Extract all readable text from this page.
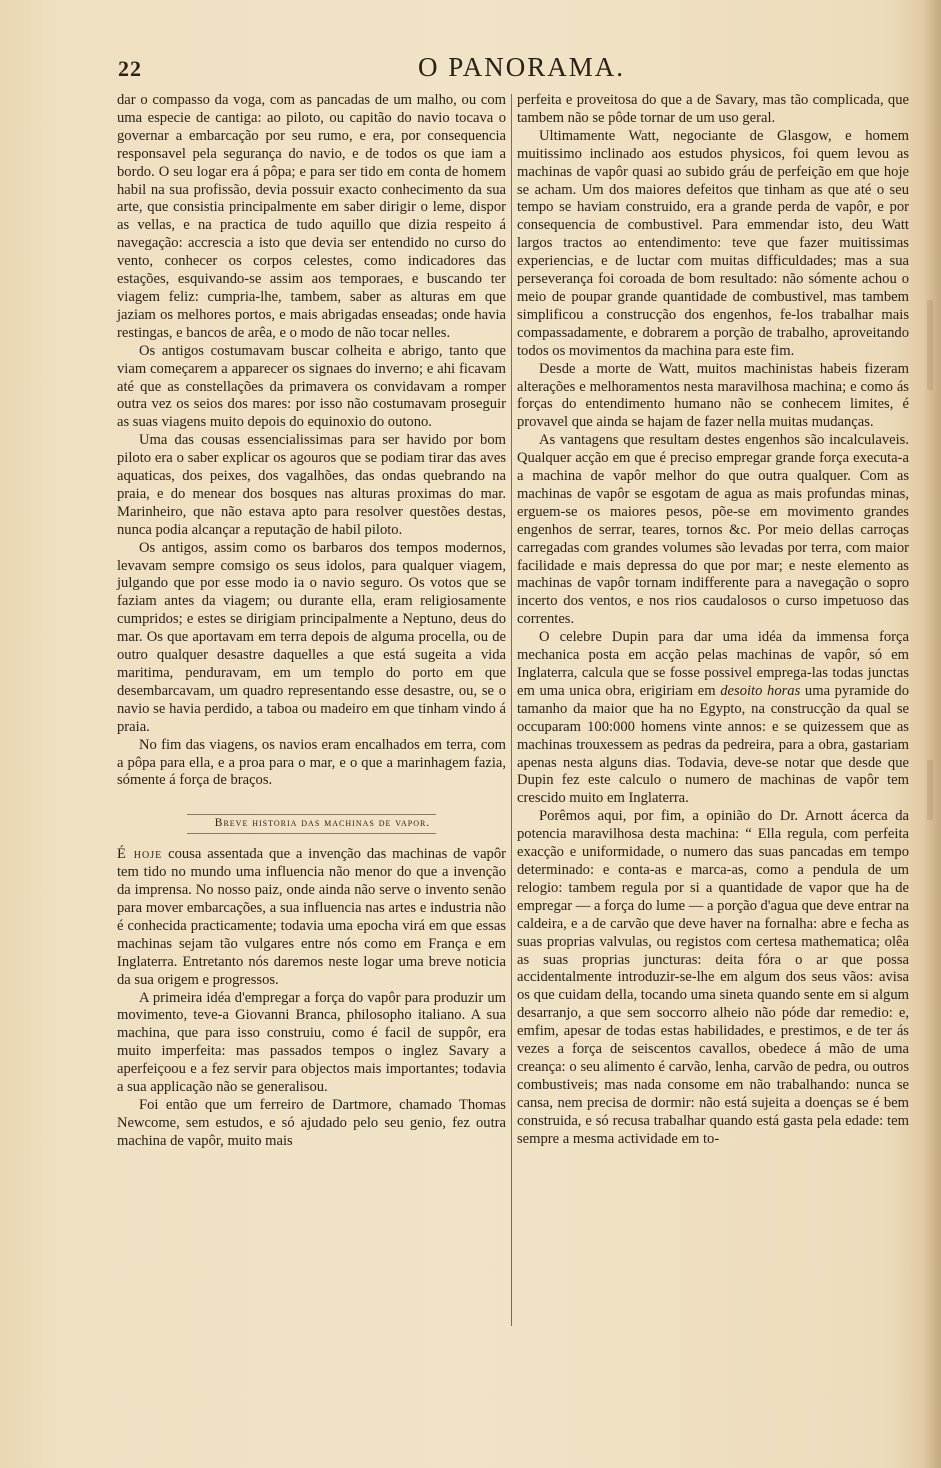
22	O PANORAMA.

dar o compasso da voga, com as pancadas de um malho, ou com uma especie de cantiga: ao piloto, ou capitão do navio tocava o governar a embarcação por seu rumo, e era, por consequencia responsavel pela segurança do navio, e de todos os que iam a bordo. O seu logar era á pôpa; e para ser tido em conta de homem habil na sua profissão, devia possuir exacto conhecimento da sua arte, que consistia principalmente em saber dirigir o leme, dispor as vellas, e na practica de tudo aquillo que dizia respeito á navegação: accrescia a isto que devia ser entendido no curso do vento, conhecer os corpos celestes, como indicadores das estações, esquivando-se assim aos temporaes, e buscando ter viagem feliz: cumpria-lhe, tambem, saber as alturas em que jaziam os melhores portos, e mais abrigadas enseadas; onde havia restingas, e bancos de arêa, e o modo de não tocar nelles.

Os antigos costumavam buscar colheita e abrigo, tanto que viam começarem a apparecer os signaes do inverno; e ahi ficavam até que as constellações da primavera os convidavam a romper outra vez os seios dos mares: por isso não costumavam proseguir as suas viagens muito depois do equinoxio do outono.

Uma das cousas essencialissimas para ser havido por bom piloto era o saber explicar os agouros que se podiam tirar das aves aquaticas, dos peixes, dos vagalhões, das ondas quebrando na praia, e do menear dos bosques nas alturas proximas do mar. Marinheiro, que não estava apto para resolver questões destas, nunca podia alcançar a reputação de habil piloto.

Os antigos, assim como os barbaros dos tempos modernos, levavam sempre comsigo os seus idolos, para qualquer viagem, julgando que por esse modo ia o navio seguro. Os votos que se faziam antes da viagem; ou durante ella, eram religiosamente cumpridos; e estes se dirigiam principalmente a Neptuno, deus do mar. Os que aportavam em terra depois de alguma procella, ou de outro qualquer desastre daquelles a que está sugeita a vida maritima, penduravam, em um templo do porto em que desembarcavam, um quadro representando esse desastre, ou, se o navio se havia perdido, a taboa ou madeiro em que tinham vindo á praia.

No fim das viagens, os navios eram encalhados em terra, com a pôpa para ella, e a proa para o mar, e o que a marinhagem fazia, sómente á força de braços.

Breve historia das machinas de vapor.

É hoje cousa assentada que a invenção das machinas de vapôr tem tido no mundo uma influencia não menor do que a invenção da imprensa. No nosso paiz, onde ainda não serve o invento senão para mover embarcações, a sua influencia nas artes e industria não é conhecida practicamente; todavia uma epocha virá em que essas machinas sejam tão vulgares entre nós como em França e em Inglaterra. Entretanto nós daremos neste logar uma breve noticia da sua origem e progressos.

A primeira idéa d'empregar a força do vapôr para produzir um movimento, teve-a Giovanni Branca, philosopho italiano. A sua machina, que para isso construiu, como é facil de suppôr, era muito imperfeita: mas passados tempos o inglez Savary a aperfeiçoou e a fez servir para objectos mais importantes; todavia a sua applicação não se generalisou.

Foi então que um ferreiro de Dartmore, chamado Thomas Newcome, sem estudos, e só ajudado pelo seu genio, fez outra machina de vapôr, muito mais

perfeita e proveitosa do que a de Savary, mas tão complicada, que tambem não se pôde tornar de um uso geral.

Ultimamente Watt, negociante de Glasgow, e homem muitissimo inclinado aos estudos physicos, foi quem levou as machinas de vapôr quasi ao subido gráu de perfeição em que hoje se acham. Um dos maiores defeitos que tinham as que até o seu tempo se haviam construido, era a grande perda de vapôr, e por consequencia de combustivel. Para emmendar isto, deu Watt largos tractos ao entendimento: teve que fazer muitissimas experiencias, e de luctar com muitas difficuldades; mas a sua perseverança foi coroada de bom resultado: não sómente achou o meio de poupar grande quantidade de combustivel, mas tambem simplificou a construcção dos engenhos, fe-los trabalhar mais compassadamente, e dobrarem a porção de trabalho, aproveitando todos os movimentos da machina para este fim.

Desde a morte de Watt, muitos machinistas habeis fizeram alterações e melhoramentos nesta maravilhosa machina; e como ás forças do entendimento humano não se conhecem limites, é provavel que ainda se hajam de fazer nella muitas mudanças.

As vantagens que resultam destes engenhos são incalculaveis. Qualquer acção em que é preciso empregar grande força executa-a a machina de vapôr melhor do que outra qualquer. Com as machinas de vapôr se esgotam de agua as mais profundas minas, erguem-se os maiores pesos, põe-se em movimento grandes engenhos de serrar, teares, tornos &c. Por meio dellas carroças carregadas com grandes volumes são levadas por terra, com maior facilidade e mais depressa do que por mar; e neste elemento as machinas de vapôr tornam indifferente para a navegação o sopro incerto dos ventos, e nos rios caudalosos o curso impetuoso das correntes.

O celebre Dupin para dar uma idéa da immensa força mechanica posta em acção pelas machinas de vapôr, só em Inglaterra, calcula que se fosse possivel emprega-las todas junctas em uma unica obra, erigiriam em desoito horas uma pyramide do tamanho da maior que ha no Egypto, na construcção da qual se occuparam 100:000 homens vinte annos: e se quizessem que as machinas trouxessem as pedras da pedreira, para a obra, gastariam apenas nesta alguns dias. Todavia, deve-se notar que desde que Dupin fez este calculo o numero de machinas de vapôr tem crescido muito em Inglaterra.

Porêmos aqui, por fim, a opinião do Dr. Arnott ácerca da potencia maravilhosa desta machina: “ Ella regula, com perfeita exacção e uniformidade, o numero das suas pancadas em tempo determinado: e conta-as e marca-as, como a pendula de um relogio: tambem regula por si a quantidade de vapor que ha de empregar — a força do lume — a porção d'agua que deve entrar na caldeira, e a de carvão que deve haver na fornalha: abre e fecha as suas proprias valvulas, ou registos com certesa mathematica; olêa as suas proprias juncturas: deita fóra o ar que possa accidentalmente introduzir-se-lhe em algum dos seus vãos: avisa os que cuidam della, tocando uma sineta quando sente em si algum desarranjo, a que sem soccorro alheio não póde dar remedio: e, emfim, apesar de todas estas habilidades, e prestimos, e de ter ás vezes a força de seiscentos cavallos, obedece á mão de uma creança: o seu alimento é carvão, lenha, carvão de pedra, ou outros combustiveis; mas nada consome em não trabalhando: nunca se cansa, nem precisa de dormir: não está sujeita a doenças se é bem construida, e só recusa trabalhar quando está gasta pela edade: tem sempre a mesma actividade em to-
